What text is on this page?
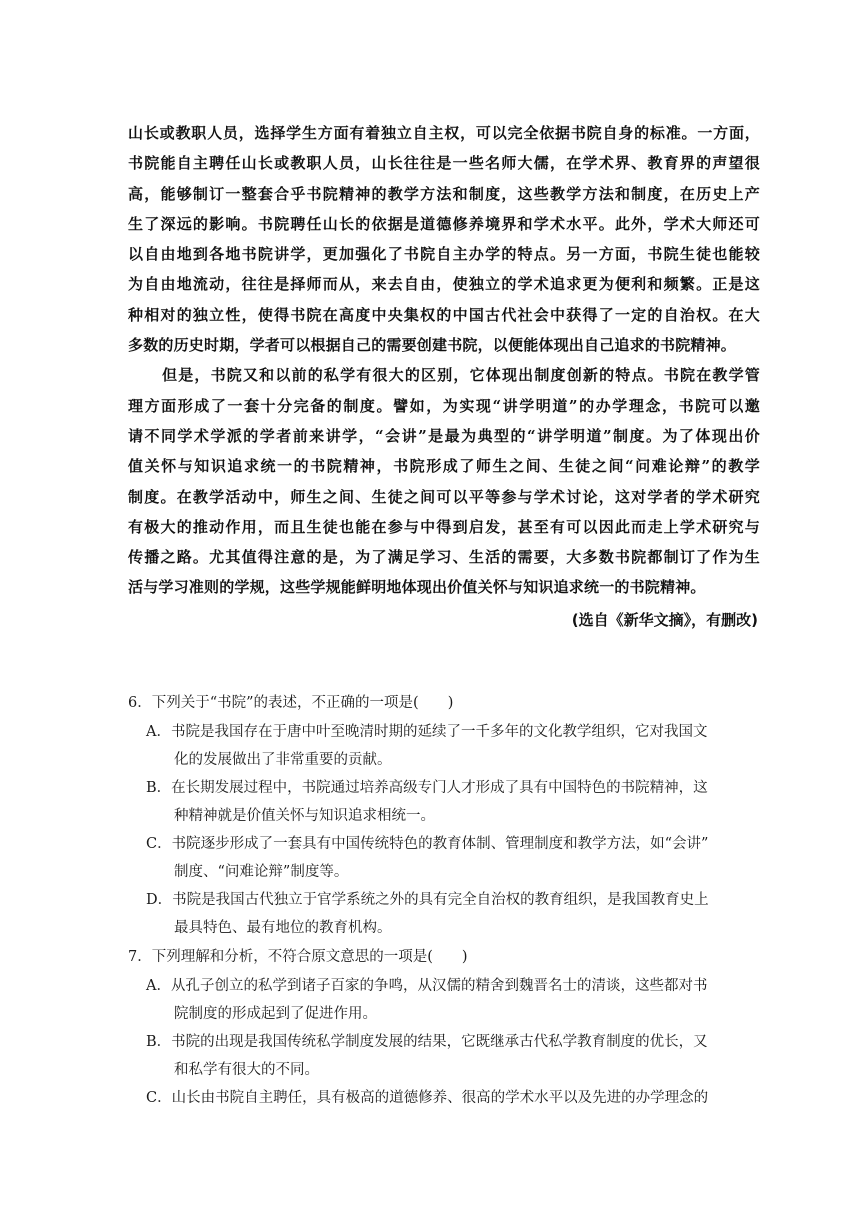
山长或教职人员，选择学生方面有着独立自主权，可以完全依据书院自身的标准。一方面，
书院能自主聘任山长或教职人员，山长往往是一些名师大儒，在学术界、教育界的声望很
高，能够制订一整套合乎书院精神的教学方法和制度，这些教学方法和制度，在历史上产
生了深远的影响。书院聘任山长的依据是道德修养境界和学术水平。此外，学术大师还可
以自由地到各地书院讲学，更加强化了书院自主办学的特点。另一方面，书院生徒也能较
为自由地流动，往往是择师而从，来去自由，使独立的学术追求更为便利和频繁。正是这
种相对的独立性，使得书院在高度中央集权的中国古代社会中获得了一定的自治权。在大
多数的历史时期，学者可以根据自己的需要创建书院，以便能体现出自己追求的书院精神。
但是，书院又和以前的私学有很大的区别，它体现出制度创新的特点。书院在教学管
理方面形成了一套十分完备的制度。譬如，为实现“讲学明道”的办学理念，书院可以邀
请不同学术学派的学者前来讲学，“会讲”是最为典型的“讲学明道”制度。为了体现出价
值关怀与知识追求统一的书院精神，书院形成了师生之间、生徒之间“问难论辩”的教学
制度。在教学活动中，师生之间、生徒之间可以平等参与学术讨论，这对学者的学术研究
有极大的推动作用，而且生徒也能在参与中得到启发，甚至有可以因此而走上学术研究与
传播之路。尤其值得注意的是，为了满足学习、生活的需要，大多数书院都制订了作为生
活与学习准则的学规，这些学规能鲜明地体现出价值关怀与知识追求统一的书院精神。
(选自《新华文摘》，有删改)
6．下列关于“书院”的表述，不正确的一项是(　　)
A．书院是我国存在于唐中叶至晚清时期的延续了一千多年的文化教学组织，它对我国文
化的发展做出了非常重要的贡献。
B．在长期发展过程中，书院通过培养高级专门人才形成了具有中国特色的书院精神，这
种精神就是价值关怀与知识追求相统一。
C．书院逐步形成了一套具有中国传统特色的教育体制、管理制度和教学方法，如“会讲”
制度、“问难论辩”制度等。
D．书院是我国古代独立于官学系统之外的具有完全自治权的教育组织，是我国教育史上
最具特色、最有地位的教育机构。
7．下列理解和分析，不符合原文意思的一项是(　　)
A．从孔子创立的私学到诸子百家的争鸣，从汉儒的精舍到魏晋名士的清谈，这些都对书
院制度的形成起到了促进作用。
B．书院的出现是我国传统私学制度发展的结果，它既继承古代私学教育制度的优长，又
和私学有很大的不同。
C．山长由书院自主聘任，具有极高的道德修养、很高的学术水平以及先进的办学理念的
